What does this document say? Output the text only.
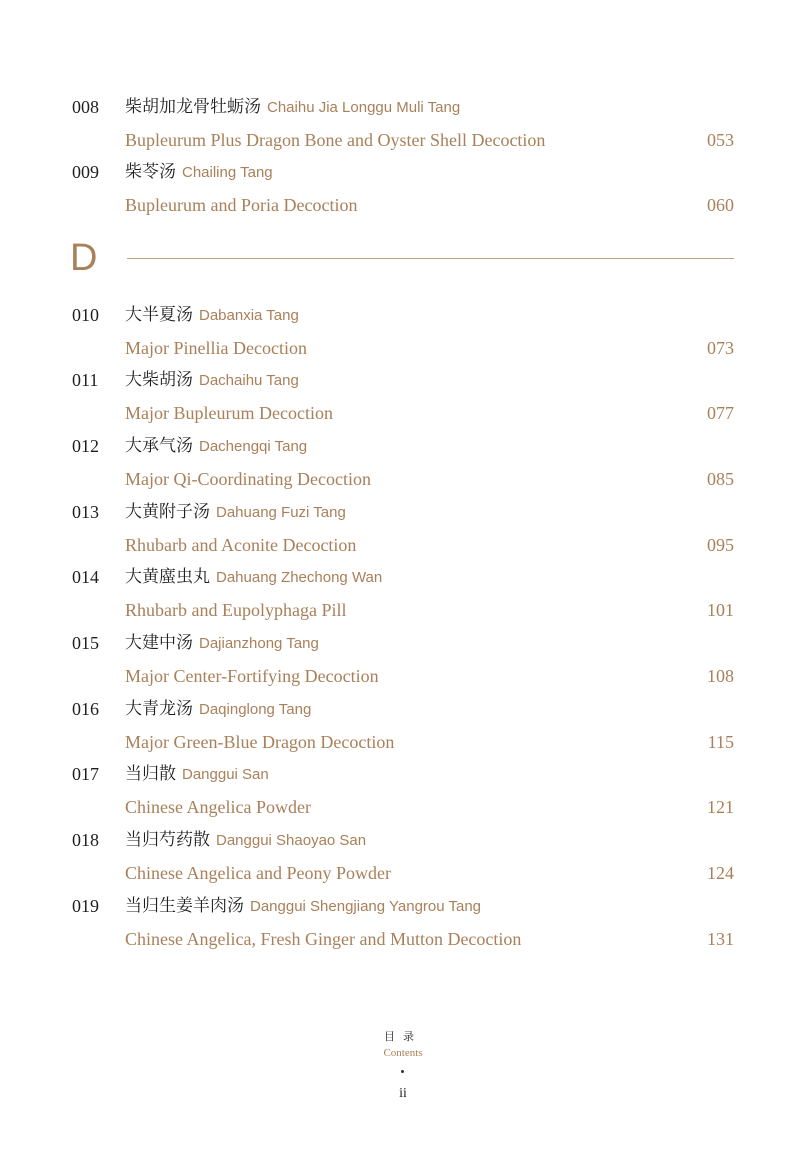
008 柴胡加龙骨牡蛎汤 Chaihu Jia Longgu Muli Tang
Bupleurum Plus Dragon Bone and Oyster Shell Decoction	053
009 柴苓汤 Chailing Tang
Bupleurum and Poria Decoction	060
D
010 大半夏汤 Dabanxia Tang
Major Pinellia Decoction	073
011 大柴胡汤 Dachaihu Tang
Major Bupleurum Decoction	077
012 大承气汤 Dachengqi Tang
Major Qi-Coordinating Decoction	085
013 大黄附子汤 Dahuang Fuzi Tang
Rhubarb and Aconite Decoction	095
014 大黄䗪虫丸 Dahuang Zhechong Wan
Rhubarb and Eupolyphaga Pill	101
015 大建中汤 Dajianzhong Tang
Major Center-Fortifying Decoction	108
016 大青龙汤 Daqinglong Tang
Major Green-Blue Dragon Decoction	115
017 当归散 Danggui San
Chinese Angelica Powder	121
018 当归芍药散 Danggui Shaoyao San
Chinese Angelica and Peony Powder	124
019 当归生姜羊肉汤 Danggui Shengjiang Yangrou Tang
Chinese Angelica, Fresh Ginger and Mutton Decoction	131
目录
Contents
ii
